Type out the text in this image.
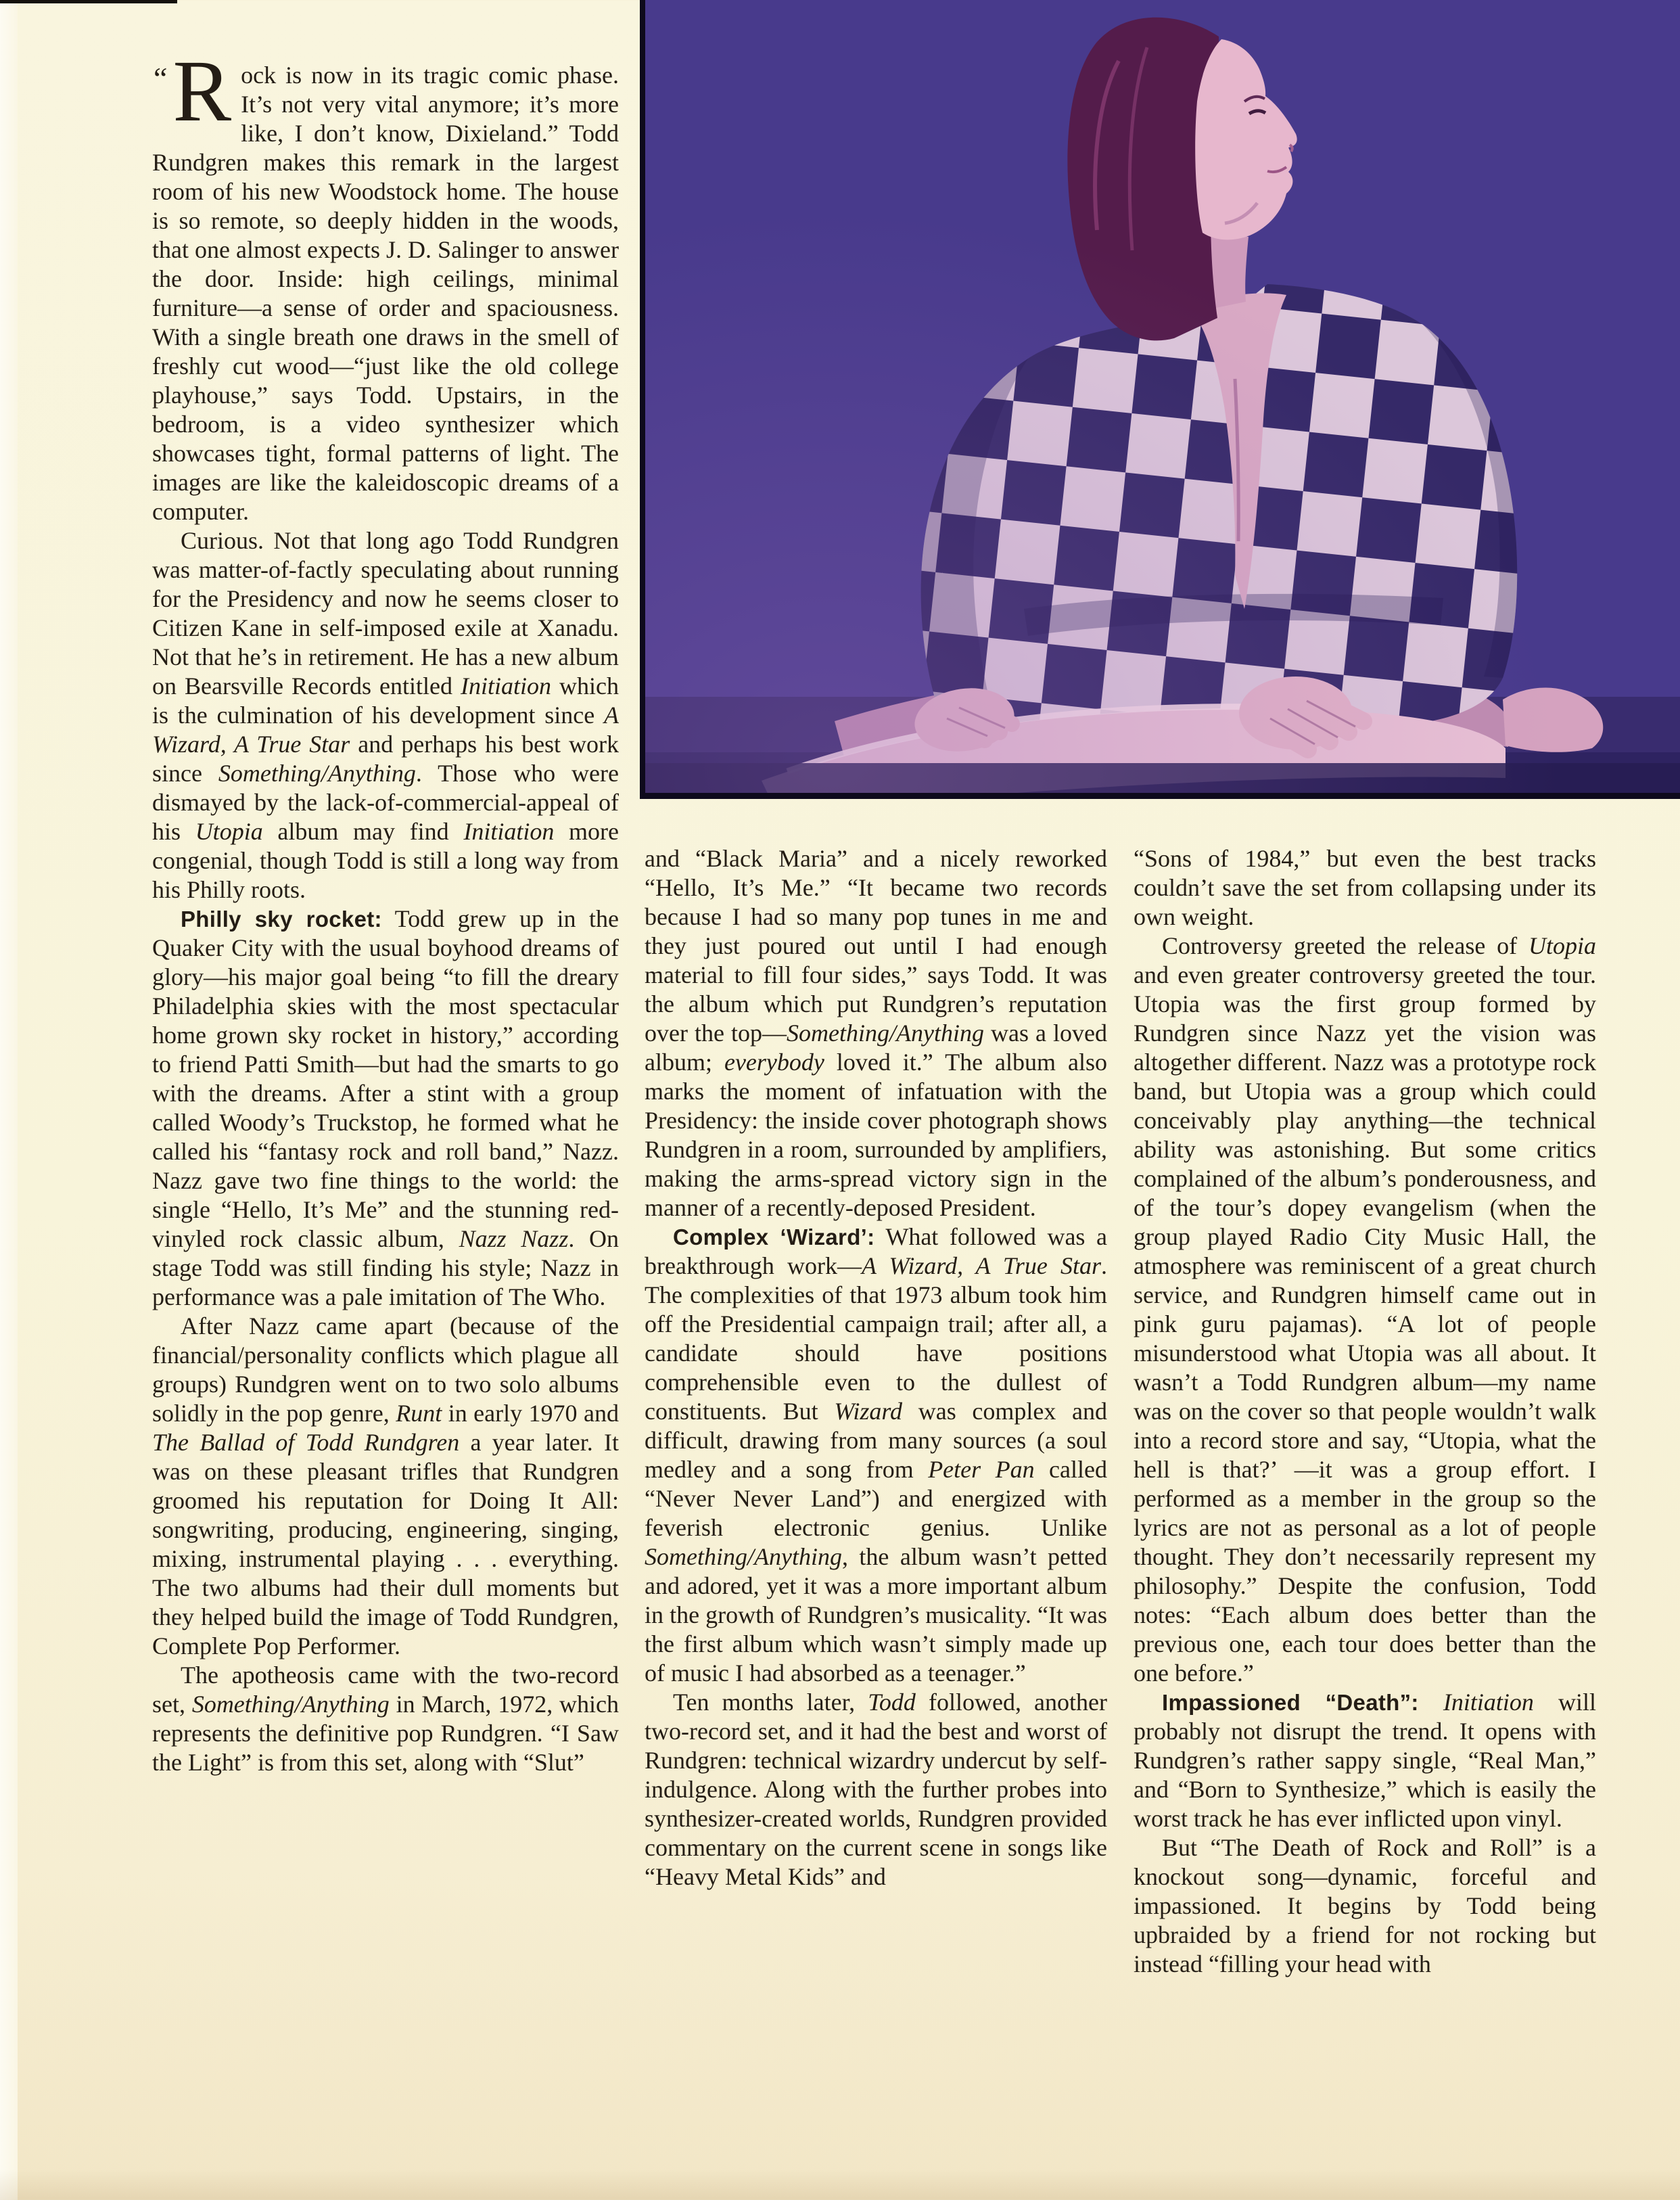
“ R ock is now in its tragic comic phase. It’s not very vital anymore; it’s more like, I don’t know, Dixieland.” Todd Rundgren makes this remark in the largest room of his new Woodstock home. The house is so remote, so deeply hidden in the woods, that one almost expects J. D. Salinger to answer the door. Inside: high ceilings, minimal furniture—a sense of order and spaciousness. With a single breath one draws in the smell of freshly cut wood—“just like the old college playhouse,” says Todd. Upstairs, in the bedroom, is a video synthesizer which showcases tight, formal patterns of light. The images are like the kaleidoscopic dreams of a computer.

Curious. Not that long ago Todd Rundgren was matter-of-factly speculating about running for the Presidency and now he seems closer to Citizen Kane in self-imposed exile at Xanadu. Not that he’s in retirement. He has a new album on Bearsville Records entitled Initiation which is the culmination of his development since A Wizard, A True Star and perhaps his best work since Something/Anything. Those who were dismayed by the lack-of-commercial-appeal of his Utopia album may find Initiation more congenial, though Todd is still a long way from his Philly roots.

Philly sky rocket: Todd grew up in the Quaker City with the usual boyhood dreams of glory—his major goal being “to fill the dreary Philadelphia skies with the most spectacular home grown sky rocket in history,” according to friend Patti Smith—but had the smarts to go with the dreams. After a stint with a group called Woody’s Truckstop, he formed what he called his “fantasy rock and roll band,” Nazz. Nazz gave two fine things to the world: the single “Hello, It’s Me” and the stunning red-vinyled rock classic album, Nazz Nazz. On stage Todd was still finding his style; Nazz in performance was a pale imitation of The Who.

After Nazz came apart (because of the financial/personality conflicts which plague all groups) Rundgren went on to two solo albums solidly in the pop genre, Runt in early 1970 and The Ballad of Todd Rundgren a year later. It was on these pleasant trifles that Rundgren groomed his reputation for Doing It All: songwriting, producing, engineering, singing, mixing, instrumental playing . . . everything. The two albums had their dull moments but they helped build the image of Todd Rundgren, Complete Pop Performer.

The apotheosis came with the two-record set, Something/Anything in March, 1972, which represents the definitive pop Rundgren. “I Saw the Light” is from this set, along with “Slut”

and “Black Maria” and a nicely reworked “Hello, It’s Me.” “It became two records because I had so many pop tunes in me and they just poured out until I had enough material to fill four sides,” says Todd. It was the album which put Rundgren’s reputation over the top—Something/Anything was a loved album; everybody loved it.” The album also marks the moment of infatuation with the Presidency: the inside cover photograph shows Rundgren in a room, surrounded by amplifiers, making the arms-spread victory sign in the manner of a recently-deposed President.

Complex ‘Wizard’: What followed was a breakthrough work—A Wizard, A True Star. The complexities of that 1973 album took him off the Presidential campaign trail; after all, a candidate should have positions comprehensible even to the dullest of constituents. But Wizard was complex and difficult, drawing from many sources (a soul medley and a song from Peter Pan called “Never Never Land”) and energized with feverish electronic genius. Unlike Something/Anything, the album wasn’t petted and adored, yet it was a more important album in the growth of Rundgren’s musicality. “It was the first album which wasn’t simply made up of music I had absorbed as a teenager.”

Ten months later, Todd followed, another two-record set, and it had the best and worst of Rundgren: technical wizardry undercut by self-indulgence. Along with the further probes into synthesizer-created worlds, Rundgren provided commentary on the current scene in songs like “Heavy Metal Kids” and

“Sons of 1984,” but even the best tracks couldn’t save the set from collapsing under its own weight.

Controversy greeted the release of Utopia and even greater controversy greeted the tour. Utopia was the first group formed by Rundgren since Nazz yet the vision was altogether different. Nazz was a prototype rock band, but Utopia was a group which could conceivably play anything—the technical ability was astonishing. But some critics complained of the album’s ponderousness, and of the tour’s dopey evangelism (when the group played Radio City Music Hall, the atmosphere was reminiscent of a great church service, and Rundgren himself came out in pink guru pajamas). “A lot of people misunderstood what Utopia was all about. It wasn’t a Todd Rundgren album—my name was on the cover so that people wouldn’t walk into a record store and say, “Utopia, what the hell is that?’ —it was a group effort. I performed as a member in the group so the lyrics are not as personal as a lot of people thought. They don’t necessarily represent my philosophy.” Despite the confusion, Todd notes: “Each album does better than the previous one, each tour does better than the one before.”

Impassioned “Death”: Initiation will probably not disrupt the trend. It opens with Rundgren’s rather sappy single, “Real Man,” and “Born to Synthesize,” which is easily the worst track he has ever inflicted upon vinyl.

But “The Death of Rock and Roll” is a knockout song—dynamic, forceful and impassioned. It begins by Todd being upbraided by a friend for not rocking but instead “filling your head with
